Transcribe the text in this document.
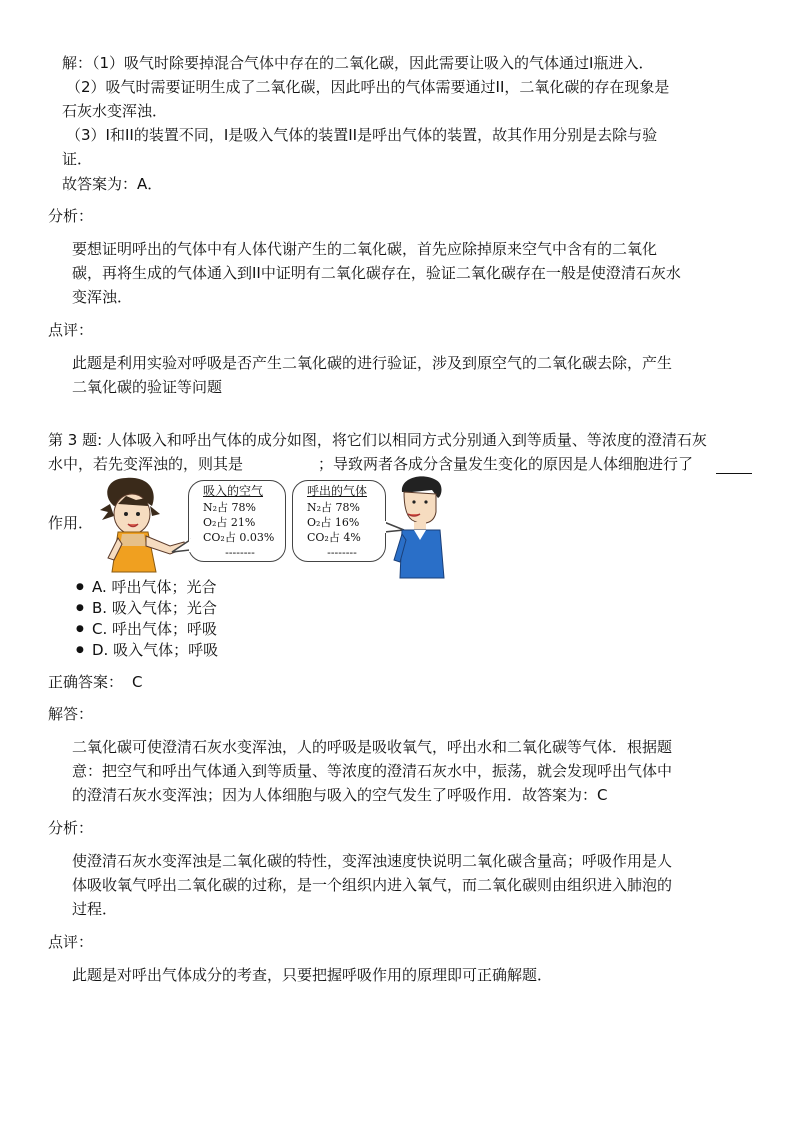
解：（1）吸气时除要掉混合气体中存在的二氧化碳，因此需要让吸入的气体通过I瓶进入．
（2）吸气时需要证明生成了二氧化碳，因此呼出的气体需要通过II，二氧化碳的存在现象是
石灰水变浑浊．
（3）I和II的装置不同，I是吸入气体的装置II是呼出气体的装置，故其作用分别是去除与验
证．
故答案为：A．
分析：
要想证明呼出的气体中有人体代谢产生的二氧化碳，首先应除掉原来空气中含有的二氧化
碳，再将生成的气体通入到II中证明有二氧化碳存在，验证二氧化碳存在一般是使澄清石灰水
变浑浊．
点评：
此题是利用实验对呼吸是否产生二氧化碳的进行验证，涉及到原空气的二氧化碳去除，产生
二氧化碳的验证等问题
第 3 题: 人体吸入和呼出气体的成分如图，将它们以相同方式分别通入到等质量、等浓度的澄清石灰
水中，若先变浑浊的，则其是	；导致两者各成分含量发生变化的原因是人体细胞进行了
作用．
吸入的空气
N₂占 78%
O₂占 21%
CO₂占 0.03%
--------
呼出的气体
N₂占 78%
O₂占 16%
CO₂占 4%
--------
● A. 呼出气体；光合
● B. 吸入气体；光合
● C. 呼出气体；呼吸
● D. 吸入气体；呼吸
正确答案： C
解答：
二氧化碳可使澄清石灰水变浑浊，人的呼吸是吸收氧气，呼出水和二氧化碳等气体．根据题
意：把空气和呼出气体通入到等质量、等浓度的澄清石灰水中，振荡，就会发现呼出气体中
的澄清石灰水变浑浊；因为人体细胞与吸入的空气发生了呼吸作用．故答案为：C
分析：
使澄清石灰水变浑浊是二氧化碳的特性，变浑浊速度快说明二氧化碳含量高；呼吸作用是人
体吸收氧气呼出二氧化碳的过称，是一个组织内进入氧气，而二氧化碳则由组织进入肺泡的
过程．
点评：
此题是对呼出气体成分的考查，只要把握呼吸作用的原理即可正确解题．
